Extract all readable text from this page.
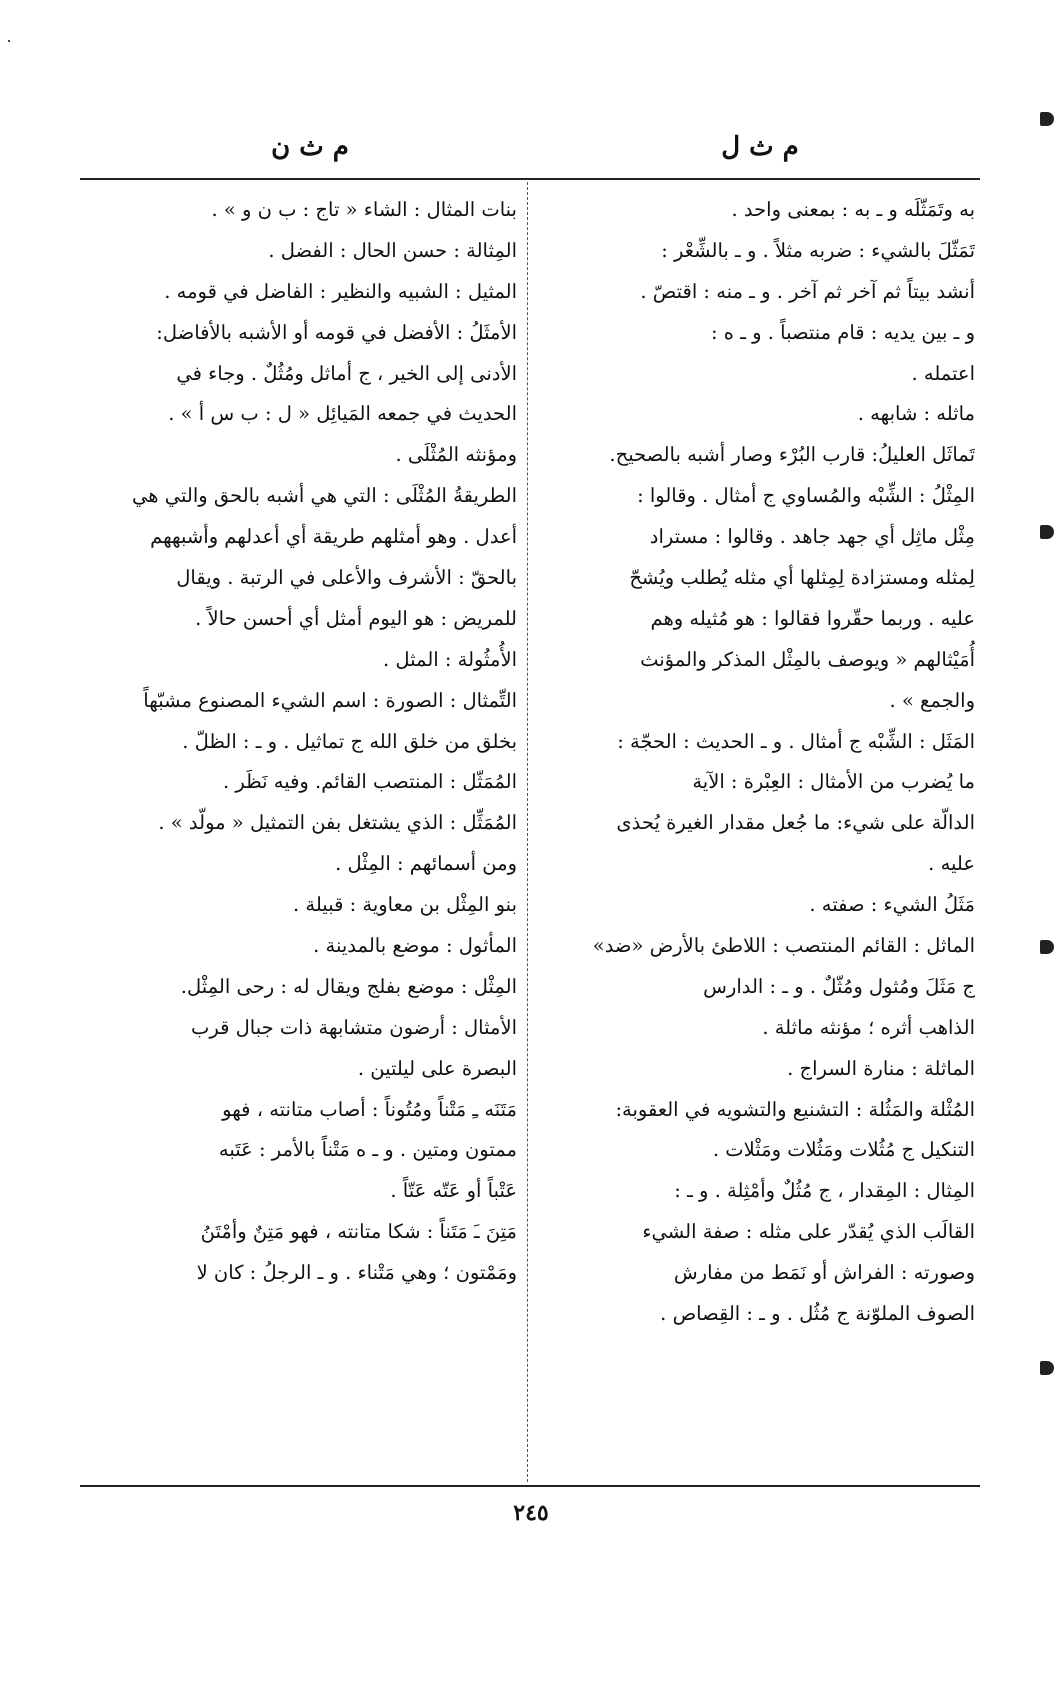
م ث ل
م ث ن
به وتَمَثّلَه و ـ به : بمعنى واحد .
تَمَثّلَ بالشيء : ضربه مثلاً . و ـ بالشِّعْر :
أنشد بيتاً ثم آخر ثم آخر . و ـ منه : اقتصّ .
و ـ بين يديه : قام منتصباً . و ـ ه :
اعتمله .
ماثله : شابهه .
تَماثَل العليلُ: قارب البُرْء وصار أشبه بالصحيح.
المِثْلُ : الشِّبْه والمُساوي ج أمثال . وقالوا :
مِثْل ماثِل أي جهد جاهد . وقالوا : مستراد
لِمثله ومستزادة لِمِثلها أي مثله يُطلب ويُشحّ
عليه . وربما حقّروا فقالوا : هو مُثيله وهم
أُمَيْثالهم « ويوصف بالمِثْل المذكر والمؤنث
والجمع » .
المَثَل : الشِّبْه ج أمثال . و ـ الحديث : الحجّة :
ما يُضرب من الأمثال : العِبْرة : الآية
الدالّة على شيء: ما جُعل مقدار الغيرة يُحذى
عليه .
مَثَلُ الشيء : صفته .
الماثل : القائم المنتصب : اللاطئ بالأرض «ضد»
ج مَثَلَ ومُثول ومُثّلٌ . و ـ : الدارس
الذاهب أثره ؛ مؤنثه ماثلة .
الماثلة : منارة السراج .
المُثْلة والمَثُلة : التشنيع والتشويه في العقوبة:
التنكيل ج مُثُلات ومَثُلات ومَثْلات .
المِثال : المِقدار ، ج مُثُلٌ وأمْثِلة . و ـ :
القالَب الذي يُقدّر على مثله : صفة الشيء
وصورته : الفراش أو نَمَط من مفارش
الصوف الملوّنة ج مُثُل . و ـ : القِصاص .
بنات المثال : الشاء « تاج : ب ن و » .
المِثالة : حسن الحال : الفضل .
المثيل : الشبيه والنظير : الفاضل في قومه .
الأمثَلُ : الأفضل في قومه أو الأشبه بالأفاضل:
الأدنى إلى الخير ، ج أماثل ومُثُلٌ . وجاء في
الحديث في جمعه المَيائِل « ل : ب س أ » .
ومؤنثه المُثْلَى .
الطريقةُ المُثْلَى : التي هي أشبه بالحق والتي هي
أعدل . وهو أمثلهم طريقة أي أعدلهم وأشبههم
بالحقّ : الأشرف والأعلى في الرتبة . ويقال
للمريض : هو اليوم أمثل أي أحسن حالاً .
الأُمثُولة : المثل .
التِّمثال : الصورة : اسم الشيء المصنوع مشبّهاً
بخلق من خلق الله ج تماثيل . و ـ : الظلّ .
المُمَثّل : المنتصب القائم. وفيه نَظَر .
المُمَثِّل : الذي يشتغل بفن التمثيل « مولّد » .
ومن أسمائهم : المِثْل .
بنو المِثْل بن معاوية : قبيلة .
المأثول : موضع بالمدينة .
المِثْل : موضع بفلج ويقال له : رحى المِثْل.
الأمثال : أرضون متشابهة ذات جبال قرب
البصرة على ليلتين .
مَتَنَه ـِ مَتْناً ومُتُوناً : أصاب متانته ، فهو
ممتون ومتين . و ـ ه مَتْناً بالأمر : عَتَبه
عَتْباً أو عَتّه عَتّاً .
مَتِنَ ـَ مَتَناً : شكا متانته ، فهو مَتِنٌ وأمْتَنُ
ومَمْتون ؛ وهي مَتْناء . و ـ الرجلُ : كان لا
٢٤٥
